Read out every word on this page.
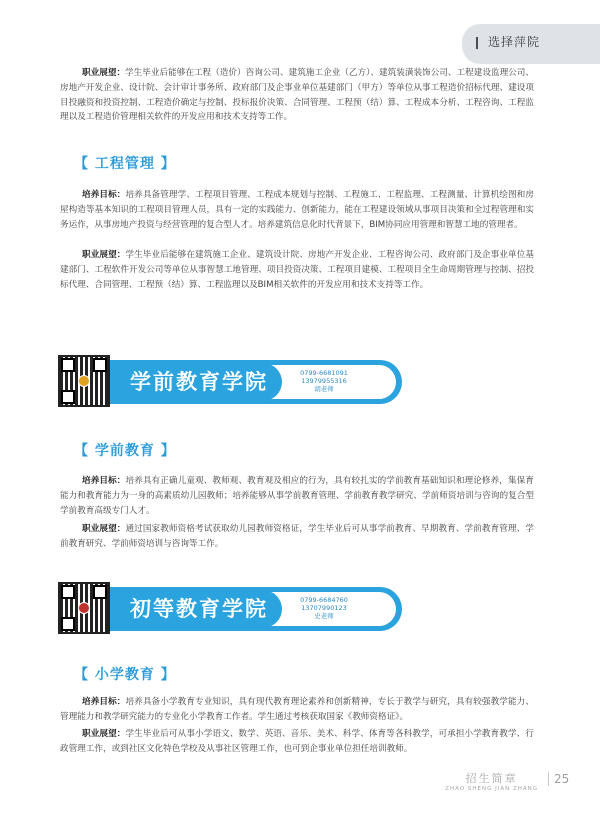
选择萍院
职业展望：学生毕业后能够在工程（造价）咨询公司、建筑施工企业（乙方）、建筑装潢装饰公司、工程建设监理公司、房地产开发企业、设计院、会计审计事务所、政府部门及企事业单位基建部门（甲方）等单位从事工程造价招标代理、建设项目投融资和投资控制、工程造价确定与控制、投标报价决策、合同管理、工程预（结）算、工程成本分析、工程咨询、工程监理以及工程造价管理相关软件的开发应用和技术支持等工作。
【 工程管理 】
培养目标：培养具备管理学、工程项目管理、工程成本规划与控制、工程施工、工程监理、工程测量、计算机绘图和房屋构造等基本知识的工程项目管理人员，具有一定的实践能力、创新能力，能在工程建设领域从事项目决策和全过程管理和实务运作，从事房地产投资与经营管理的复合型人才。培养建筑信息化时代背景下，BIM协同应用管理和智慧工地的管理者。
职业展望：学生毕业后能够在建筑施工企业、建筑设计院、房地产开发企业、工程咨询公司、政府部门及企事业单位基建部门、工程软件开发公司等单位从事智慧工地管理、项目投资决策、工程项目建模、工程项目全生命周期管理与控制、招投标代理、合同管理、工程预（结）算、工程监理以及BIM相关软件的开发应用和技术支持等工作。
学前教育学院	0799-6681091
13979955316
胡老师
【 学前教育 】
培养目标：培养具有正确儿童观、教师观、教育观及相应的行为，具有较扎实的学前教育基础知识和理论修养，集保育能力和教育能力为一身的高素质幼儿园教师；培养能够从事学前教育管理、学前教育教学研究、学前师资培训与咨询的复合型学前教育高级专门人才。
职业展望：通过国家教师资格考试获取幼儿园教师资格证，学生毕业后可从事学前教育、早期教育、学前教育管理、学前教育研究、学前师资培训与咨询等工作。
初等教育学院	0799-6684760
13707990123
史老师
【 小学教育 】
培养目标：培养具备小学教育专业知识，具有现代教育理论素养和创新精神，专长于教学与研究，具有较强教学能力、管理能力和教学研究能力的专业化小学教育工作者。学生通过考核获取国家《教师资格证》。
职业展望：学生毕业后可从事小学语文、数学、英语、音乐、美术、科学、体育等各科教学，可承担小学教育教学、行政管理工作，或到社区文化特色学校及从事社区管理工作，也可到企事业单位担任培训教师。
招生简章
ZHAO SHENG JIAN ZHANG
25
